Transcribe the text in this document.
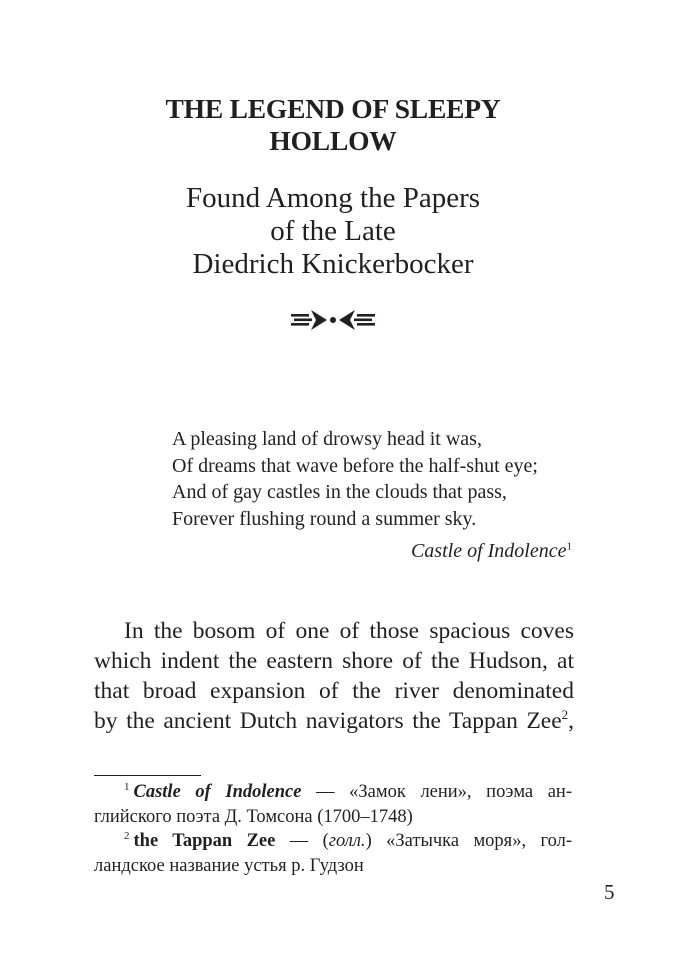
THE LEGEND OF SLEEPY
HOLLOW
Found Among the Papers
of the Late
Diedrich Knickerbocker
A pleasing land of drowsy head it was,
Of dreams that wave before the half-shut eye;
And of gay castles in the clouds that pass,
Forever flushing round a summer sky.
Castle of Indolence$^1$
In the bosom of one of those spacious coves
which indent the eastern shore of the Hudson, at
that broad expansion of the river denominated
by the ancient Dutch navigators the Tappan Zee$^2$,
$^1$ Castle of Indolence — «Замок лени», поэма ан-
глийского поэта Д. Томсона (1700–1748)
$^2$ the Tappan Zee — (голл.) «Затычка моря», гол-
ландское название устья р. Гудзон
5
